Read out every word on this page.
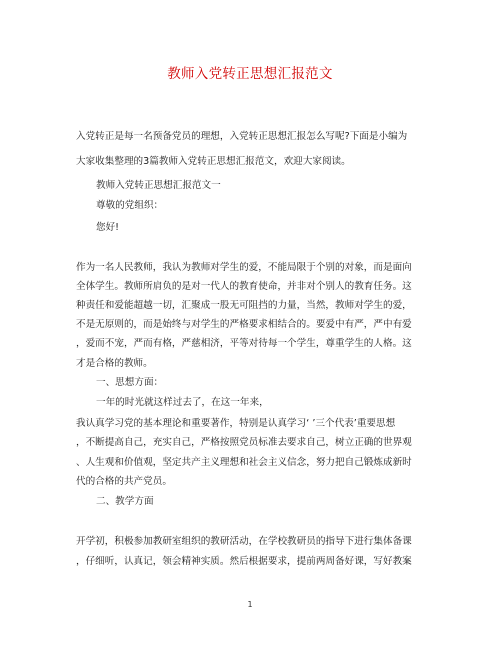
教师入党转正思想汇报范文
入党转正是每一名预备党员的理想，入党转正思想汇报怎么写呢?下面是小编为
大家收集整理的3篇教师入党转正思想汇报范文，欢迎大家阅读。
教师入党转正思想汇报范文一
尊敬的党组织：
您好!
作为一名人民教师，我认为教师对学生的爱，不能局限于个别的对象，而是面向
全体学生。教师所肩负的是对一代人的教育使命，并非对个别人的教育任务。这
种责任和爱能超越一切，汇聚成一股无可阻挡的力量，当然，教师对学生的爱，
不是无原则的，而是始终与对学生的严格要求相结合的。要爱中有严，严中有爱
，爱而不宠，严而有格，严慈相济，平等对待每一个学生，尊重学生的人格。这
才是合格的教师。
一、思想方面：
一年的时光就这样过去了，在这一年来，
我认真学习党的基本理论和重要著作，特别是认真学习‘ ’三个代表’重要思想
，不断提高自己，充实自己，严格按照党员标准去要求自己，树立正确的世界观
、人生观和价值观，坚定共产主义理想和社会主义信念，努力把自己锻炼成新时
代的合格的共产党员。
二、教学方面
开学初，积极参加教研室组织的教研活动，在学校教研员的指导下进行集体备课
，仔细听，认真记，领会精神实质。然后根据要求，提前两周备好课，写好教案
1
